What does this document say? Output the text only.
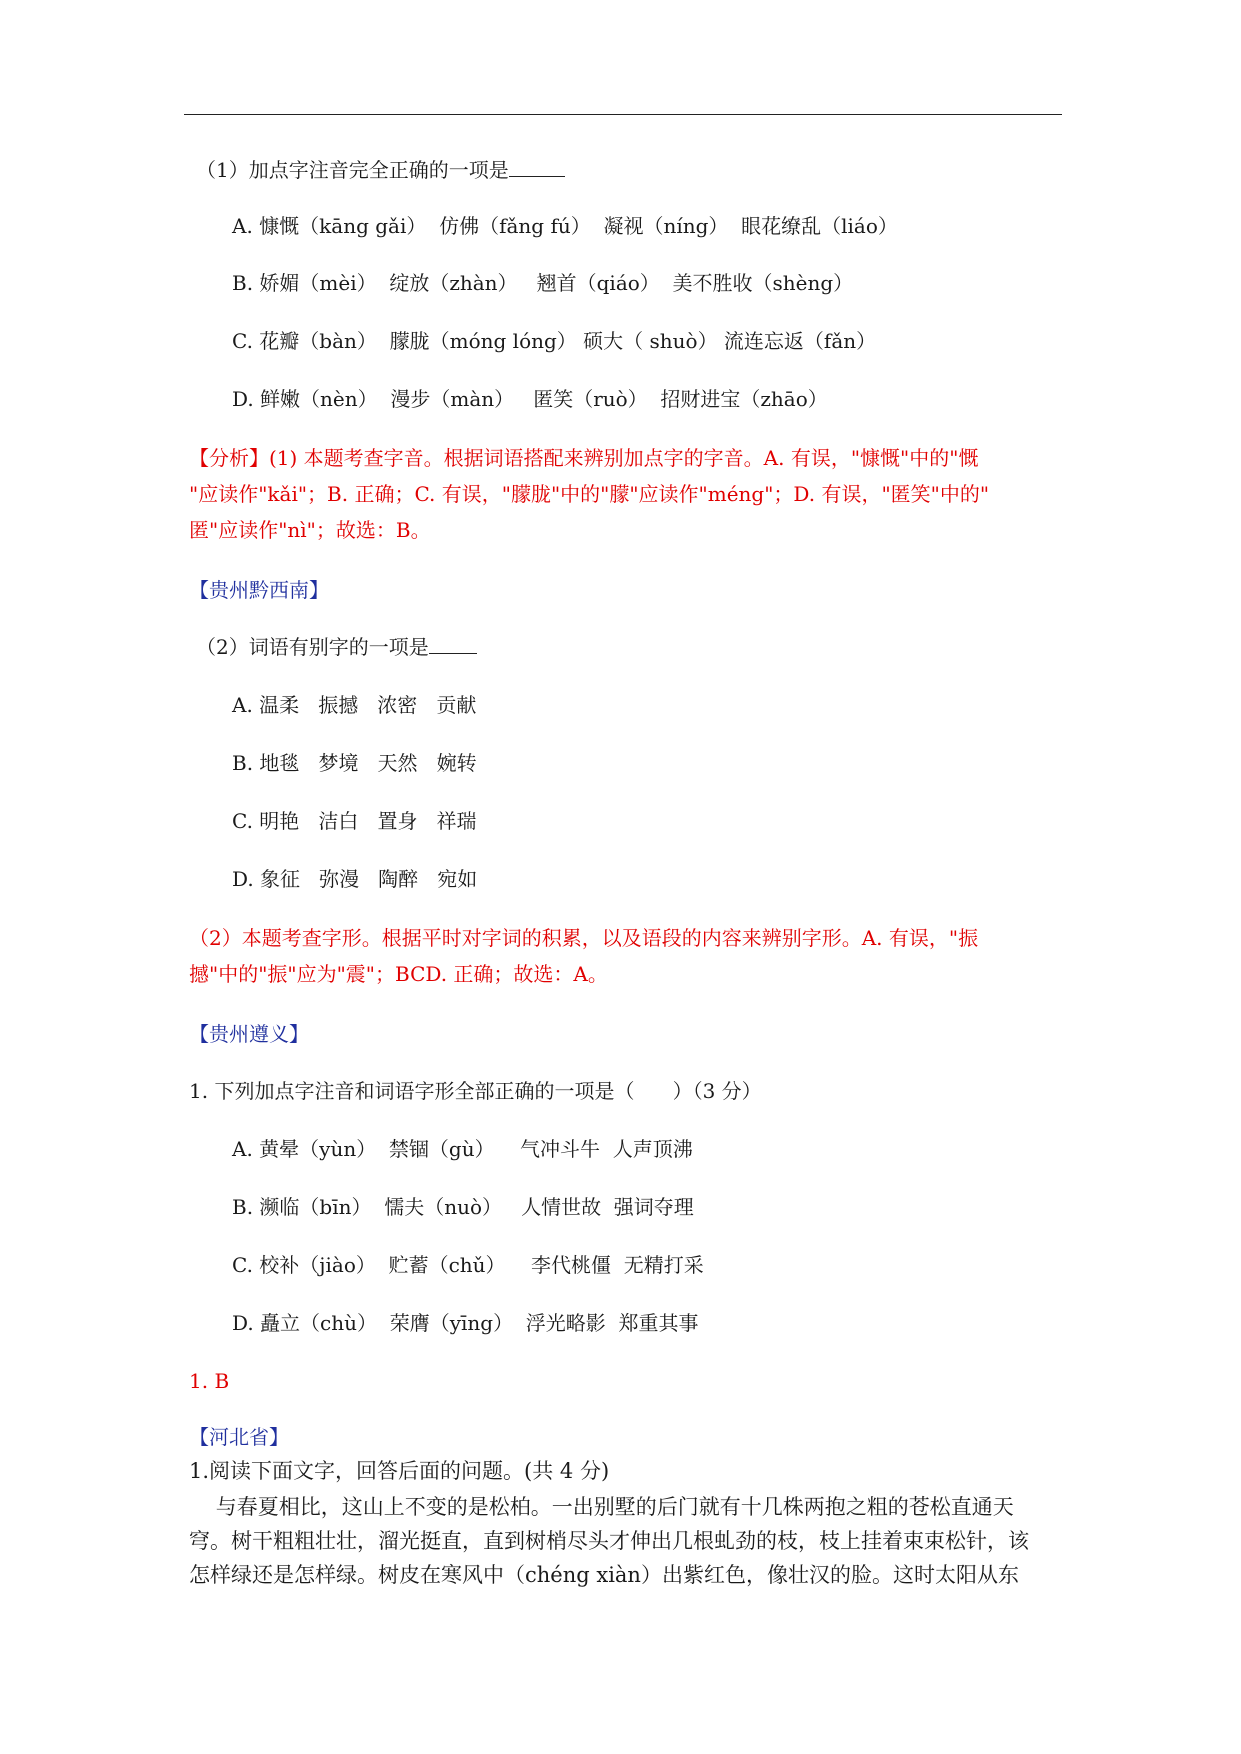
（1）加点字注音完全正确的一项是
A. 慷慨（kāng gǎi）  仿佛（fǎng fú）  凝视（níng）  眼花缭乱（liáo）
B. 娇媚（mèi）  绽放（zhàn）   翘首（qiáo）  美不胜收（shèng）
C. 花瓣（bàn）  朦胧（móng lóng） 硕大（ shuò） 流连忘返（fǎn）
D. 鲜嫩（nèn）  漫步（màn）   匿笑（ruò）  招财进宝（zhāo）
【分析】(1) 本题考查字音。根据词语搭配来辨别加点字的字音。A. 有误，"慷慨"中的"慨
"应读作"kǎi"；B. 正确；C. 有误，"朦胧"中的"朦"应读作"méng"；D. 有误，"匿笑"中的"
匿"应读作"nì"；故选：B。
【贵州黔西南】
（2）词语有别字的一项是
A. 温柔   振撼   浓密   贡献
B. 地毯   梦境   天然   婉转
C. 明艳   洁白   置身   祥瑞
D. 象征   弥漫   陶醉   宛如
（2）本题考查字形。根据平时对字词的积累，以及语段的内容来辨别字形。A. 有误，"振
撼"中的"振"应为"震"；BCD. 正确；故选：A。
【贵州遵义】
1. 下列加点字注音和词语字形全部正确的一项是（      ）（3 分）
A. 黄晕（yùn）  禁锢（gù）    气冲斗牛  人声顶沸
B. 濒临（bīn）  懦夫（nuò）   人情世故  强词夺理
C. 校补（jiào）  贮蓄（chǔ）    李代桃僵  无精打采
D. 矗立（chù）  荣膺（yīng）  浮光略影  郑重其事
1. B
【河北省】
1.阅读下面文字，回答后面的问题。(共 4 分)
与春夏相比，这山上不变的是松柏。一出别墅的后门就有十几株两抱之粗的苍松直通天
穹。树干粗粗壮壮，溜光挺直，直到树梢尽头才伸出几根虬劲的枝，枝上挂着束束松针，该
怎样绿还是怎样绿。树皮在寒风中（chéng xiàn）出紫红色，像壮汉的脸。这时太阳从东
